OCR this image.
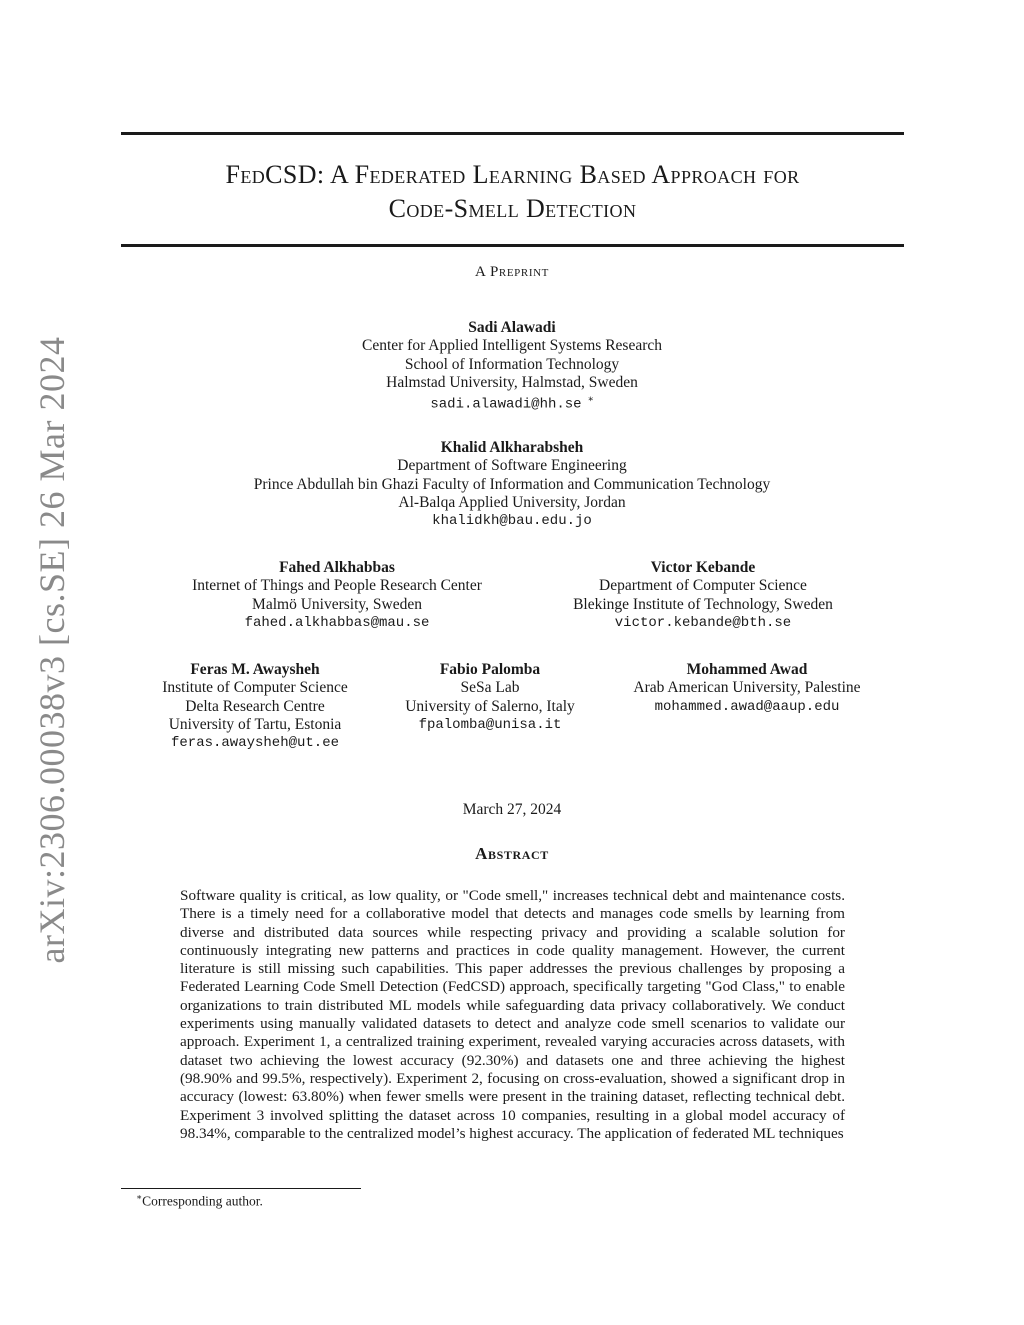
arXiv:2306.00038v3 [cs.SE] 26 Mar 2024
FedCSD: A Federated Learning Based Approach for
Code-Smell Detection
A Preprint
Sadi Alawadi
Center for Applied Intelligent Systems Research
School of Information Technology
Halmstad University, Halmstad, Sweden
sadi.alawadi@hh.se ∗
Khalid Alkharabsheh
Department of Software Engineering
Prince Abdullah bin Ghazi Faculty of Information and Communication Technology
Al-Balqa Applied University, Jordan
khalidkh@bau.edu.jo
Fahed Alkhabbas
Internet of Things and People Research Center
Malmö University, Sweden
fahed.alkhabbas@mau.se
Victor Kebande
Department of Computer Science
Blekinge Institute of Technology, Sweden
victor.kebande@bth.se
Feras M. Awaysheh
Institute of Computer Science
Delta Research Centre
University of Tartu, Estonia
feras.awaysheh@ut.ee
Fabio Palomba
SeSa Lab
University of Salerno, Italy
fpalomba@unisa.it
Mohammed Awad
Arab American University, Palestine
mohammed.awad@aaup.edu
March 27, 2024
Abstract
Software quality is critical, as low quality, or "Code smell," increases technical debt and maintenance costs. There is a timely need for a collaborative model that detects and manages code smells by learning from diverse and distributed data sources while respecting privacy and providing a scalable solution for continuously integrating new patterns and practices in code quality management. However, the current literature is still missing such capabilities. This paper addresses the previous challenges by proposing a Federated Learning Code Smell Detection (FedCSD) approach, specifically targeting "God Class," to enable organizations to train distributed ML models while safeguarding data privacy collaboratively. We conduct experiments using manually validated datasets to detect and analyze code smell scenarios to validate our approach. Experiment 1, a centralized training experiment, revealed varying accuracies across datasets, with dataset two achieving the lowest accuracy (92.30%) and datasets one and three achieving the highest (98.90% and 99.5%, respectively). Experiment 2, focusing on cross-evaluation, showed a significant drop in accuracy (lowest: 63.80%) when fewer smells were present in the training dataset, reflecting technical debt. Experiment 3 involved splitting the dataset across 10 companies, resulting in a global model accuracy of 98.34%, comparable to the centralized model’s highest accuracy. The application of federated ML techniques
∗Corresponding author.
